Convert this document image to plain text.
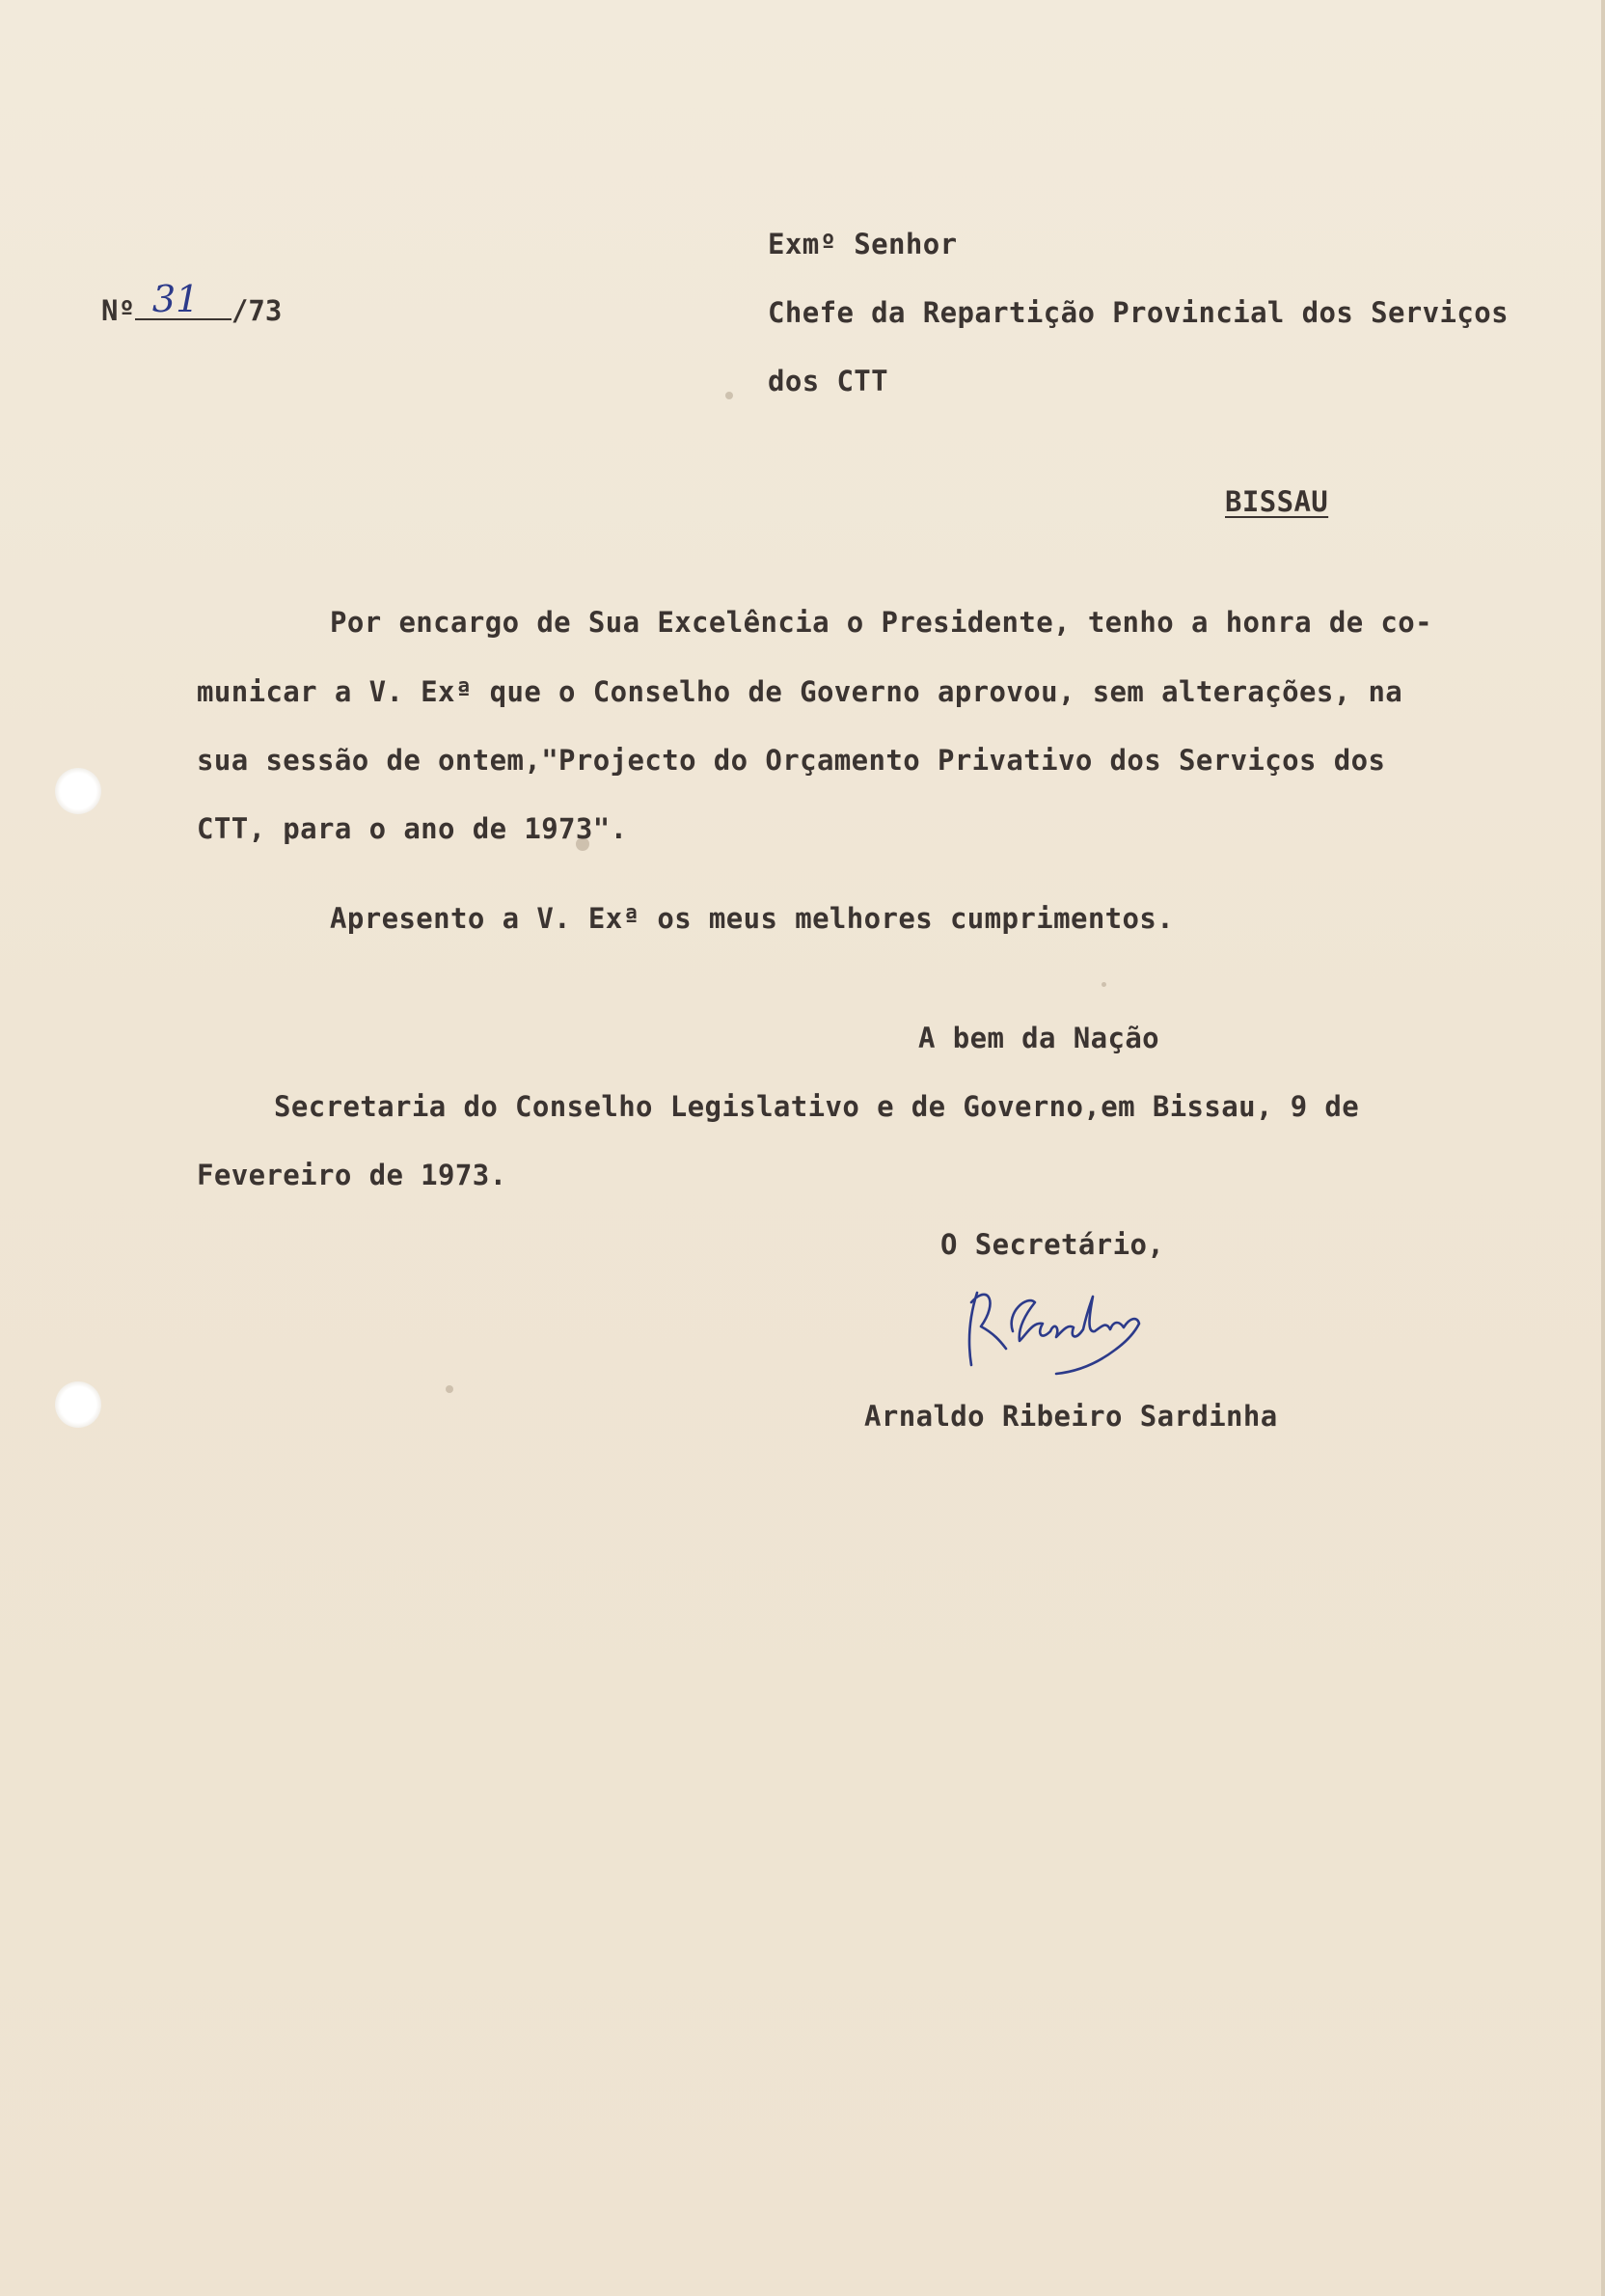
Nº 31 /73
Exmº Senhor
Chefe da Repartição Provincial dos Serviços
dos CTT
BISSAU
Por encargo de Sua Excelência o Presidente, tenho a honra de co-
municar a V. Exª que o Conselho de Governo aprovou, sem alterações, na
sua sessão de ontem,"Projecto do Orçamento Privativo dos Serviços dos
CTT, para o ano de 1973".
Apresento a V. Exª os meus melhores cumprimentos.
A bem da Nação
Secretaria do Conselho Legislativo e de Governo,em Bissau, 9 de
Fevereiro de 1973.
O Secretário,
Arnaldo Ribeiro Sardinha
